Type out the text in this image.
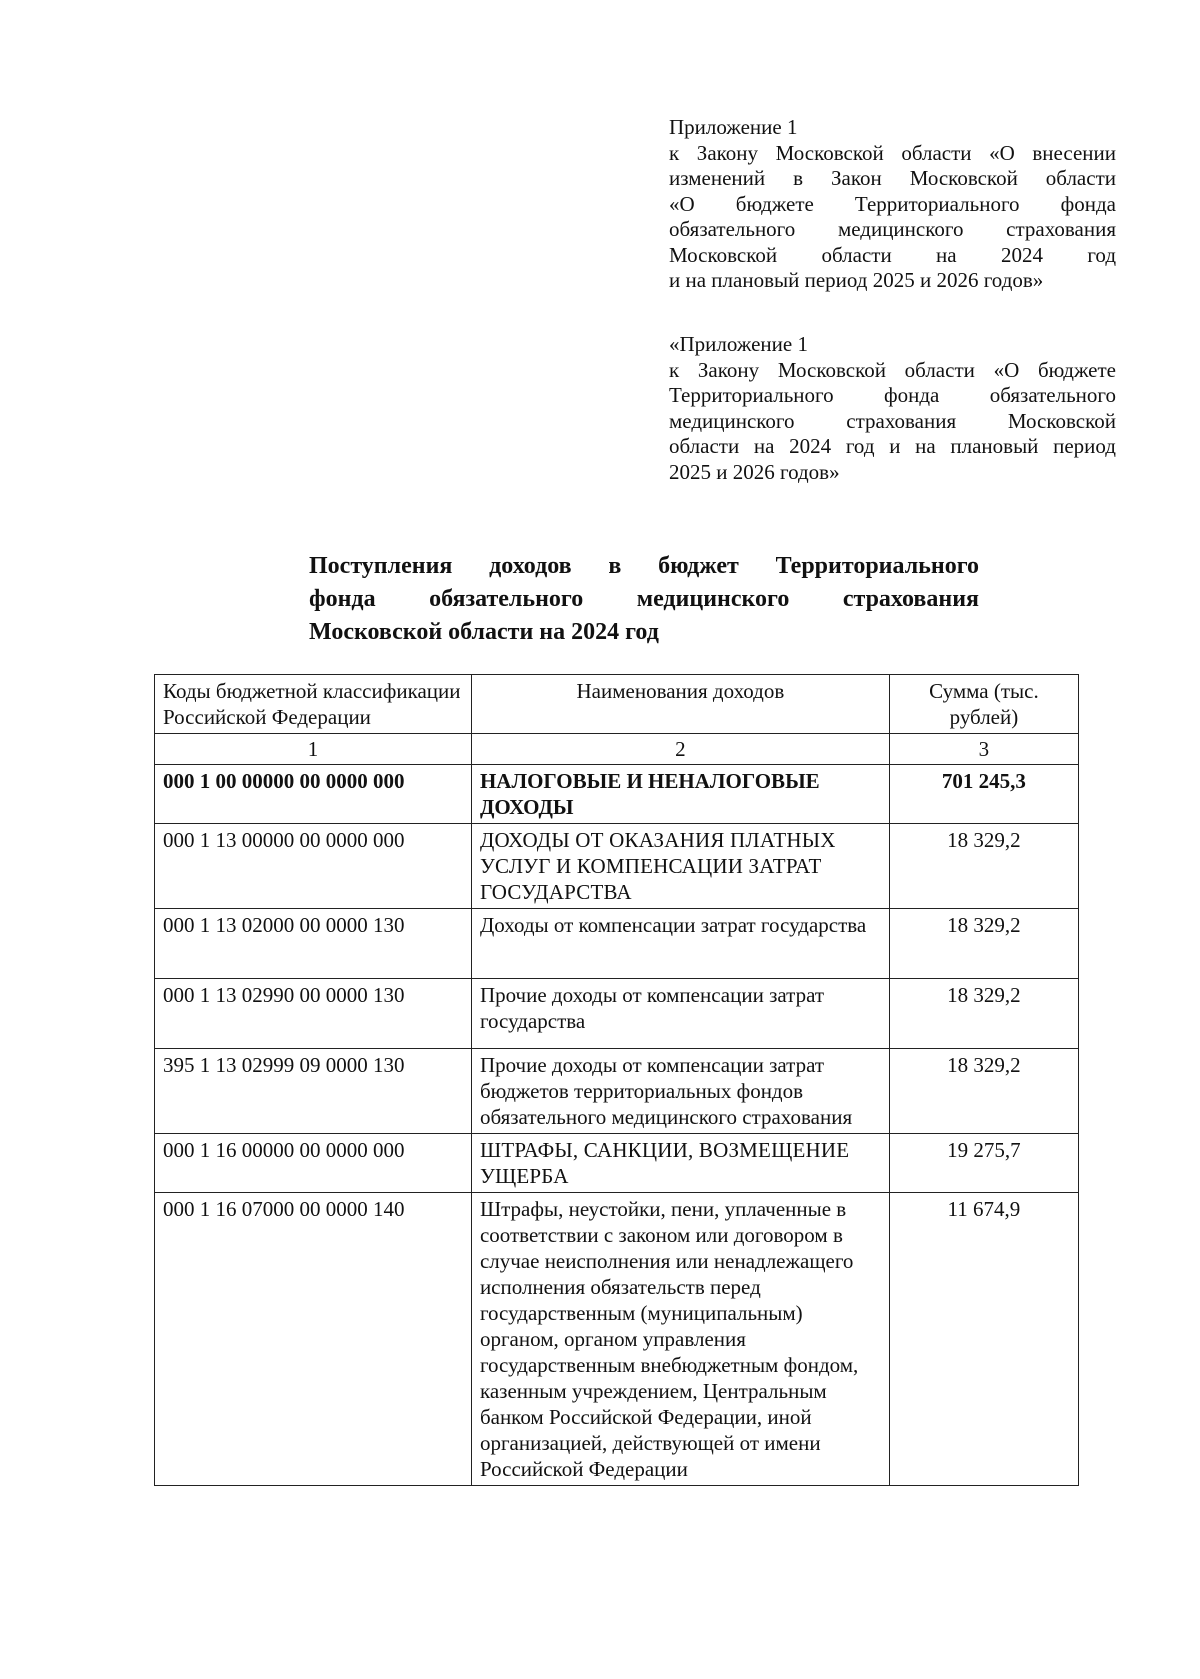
Приложение 1
к Закону Московской области «О внесении
изменений в Закон Московской области
«О бюджете Территориального фонда
обязательного медицинского страхования
Московской области на 2024 год
и на плановый период 2025 и 2026 годов»
«Приложение 1
к Закону Московской области «О бюджете
Территориального фонда обязательного
медицинского страхования Московской
области на 2024 год и на плановый период
2025 и 2026 годов»
Поступления доходов в бюджет Территориального
фонда обязательного медицинского страхования
Московской области на 2024 год
Коды бюджетной классификации Российской Федерации	Наименования доходов	Сумма (тыс. рублей)
1	2	3
000 1 00 00000 00 0000 000	НАЛОГОВЫЕ И НЕНАЛОГОВЫЕ ДОХОДЫ	701 245,3
000 1 13 00000 00 0000 000	ДОХОДЫ ОТ ОКАЗАНИЯ ПЛАТНЫХ УСЛУГ И КОМПЕНСАЦИИ ЗАТРАТ ГОСУДАРСТВА	18 329,2
000 1 13 02000 00 0000 130	Доходы от компенсации затрат государства	18 329,2
000 1 13 02990 00 0000 130	Прочие доходы от компенсации затрат государства	18 329,2
395 1 13 02999 09 0000 130	Прочие доходы от компенсации затрат бюджетов территориальных фондов обязательного медицинского страхования	18 329,2
000 1 16 00000 00 0000 000	ШТРАФЫ, САНКЦИИ, ВОЗМЕЩЕНИЕ УЩЕРБА	19 275,7
000 1 16 07000 00 0000 140	Штрафы, неустойки, пени, уплаченные в соответствии с законом или договором в случае неисполнения или ненадлежащего исполнения обязательств перед государственным (муниципальным) органом, органом управления государственным внебюджетным фондом, казенным учреждением, Центральным банком Российской Федерации, иной организацией, действующей от имени Российской Федерации	11 674,9
